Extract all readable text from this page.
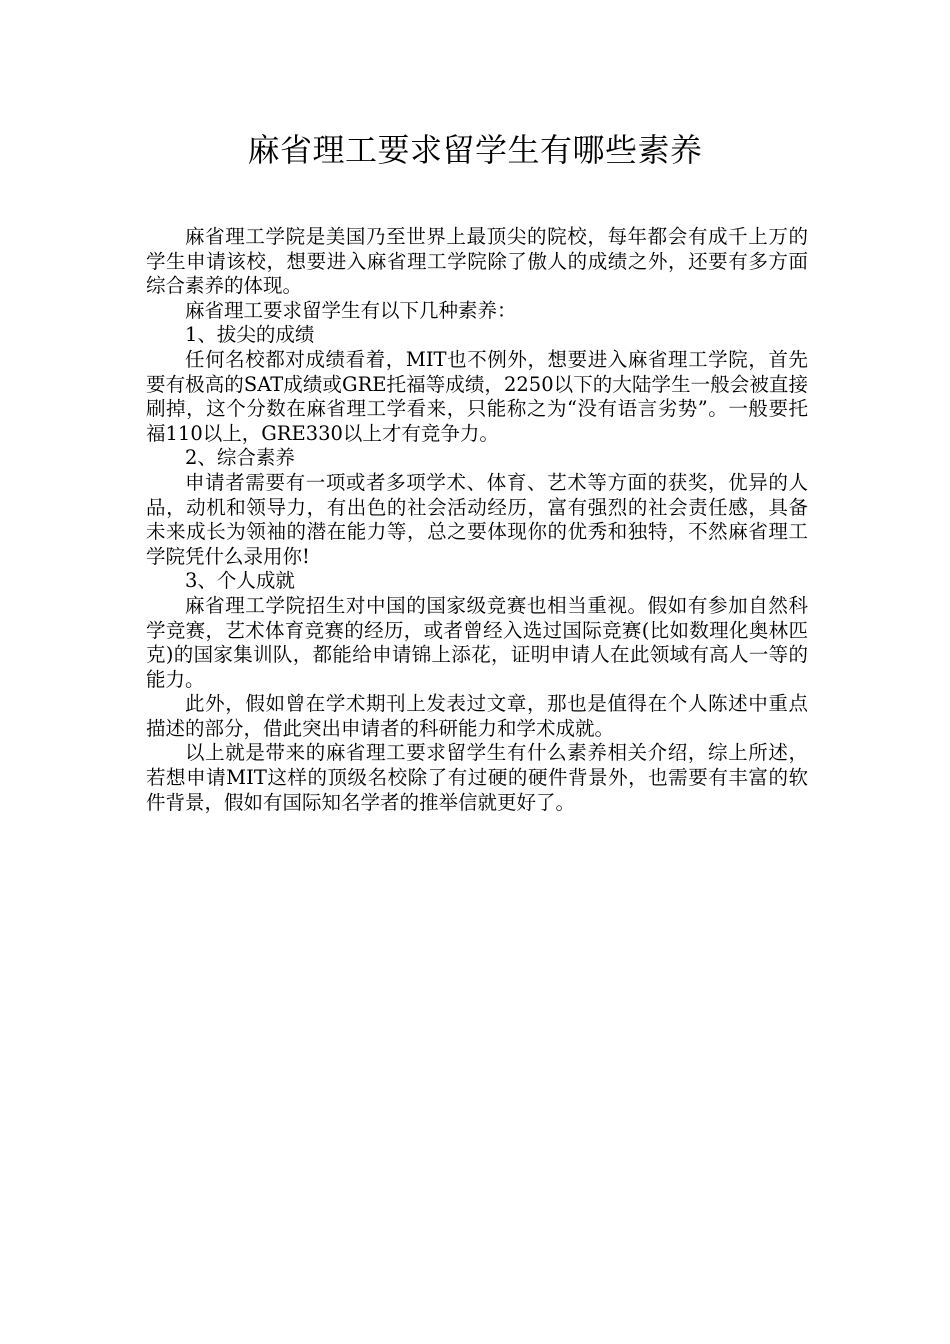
麻省理工要求留学生有哪些素养

麻省理工学院是美国乃至世界上最顶尖的院校，每年都会有成千上万的学生申请该校，想要进入麻省理工学院除了傲人的成绩之外，还要有多方面综合素养的体现。

麻省理工要求留学生有以下几种素养：

1、拔尖的成绩

任何名校都对成绩看着，MIT也不例外，想要进入麻省理工学院，首先要有极高的SAT成绩或GRE托福等成绩，2250以下的大陆学生一般会被直接刷掉，这个分数在麻省理工学看来，只能称之为“没有语言劣势”。一般要托福110以上，GRE330以上才有竞争力。

2、综合素养

申请者需要有一项或者多项学术、体育、艺术等方面的获奖，优异的人品，动机和领导力，有出色的社会活动经历，富有强烈的社会责任感，具备未来成长为领袖的潜在能力等，总之要体现你的优秀和独特，不然麻省理工学院凭什么录用你!

3、个人成就

麻省理工学院招生对中国的国家级竞赛也相当重视。假如有参加自然科学竞赛，艺术体育竞赛的经历，或者曾经入选过国际竞赛(比如数理化奥林匹克)的国家集训队，都能给申请锦上添花，证明申请人在此领域有高人一等的能力。

此外，假如曾在学术期刊上发表过文章，那也是值得在个人陈述中重点描述的部分，借此突出申请者的科研能力和学术成就。

以上就是带来的麻省理工要求留学生有什么素养相关介绍，综上所述，若想申请MIT这样的顶级名校除了有过硬的硬件背景外，也需要有丰富的软件背景，假如有国际知名学者的推举信就更好了。
